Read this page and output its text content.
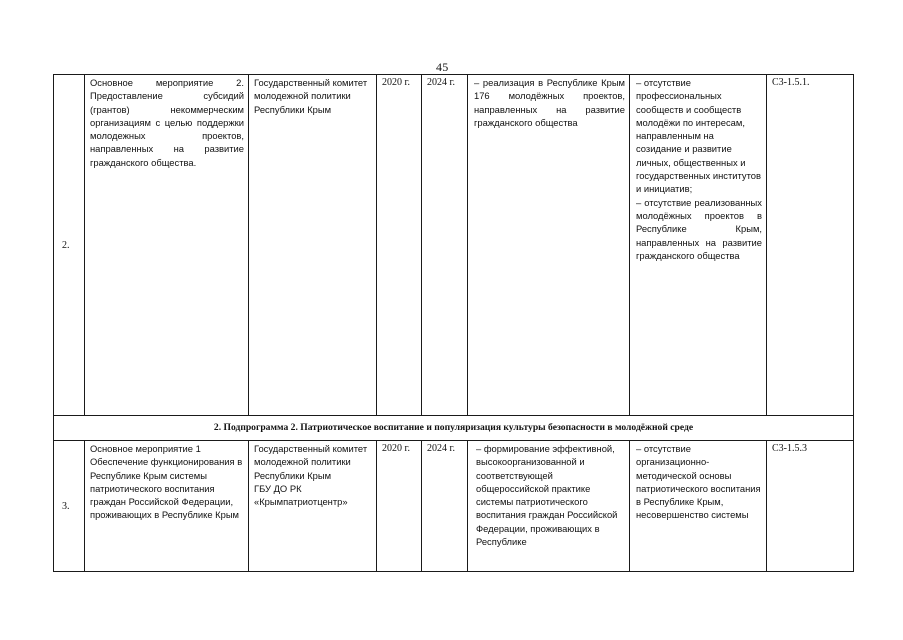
45
2.	Основное мероприятие 2. Предоставление субсидий (грантов) некоммерческим организациям с целью поддержки молодежных проектов, направленных на развитие гражданского общества.	Государственный комитет молодежной политики Республики Крым	2020 г.	2024 г.	– реализация в Республике Крым 176 молодёжных проектов, направленных на развитие гражданского общества	– отсутствие профессиональных сообществ и сообществ молодёжи по интересам, направленным на созидание и развитие личных, общественных и государственных институтов и инициатив;
– отсутствие реализованных молодёжных проектов в Республике Крым, направленных на развитие гражданского общества	С3-1.5.1.
2. Подпрограмма 2. Патриотическое воспитание и популяризация культуры безопасности в молодёжной среде							
3.	Основное мероприятие 1 Обеспечение функционирования в Республике Крым системы патриотического воспитания граждан Российской Федерации, проживающих в Республике Крым	Государственный комитет молодежной политики Республики Крым
ГБУ ДО РК «Крымпатриотцентр»	2020 г.	2024 г.	– формирование эффективной, высокоорганизованной и соответствующей общероссийской практике системы патриотического воспитания граждан Российской Федерации, проживающих в Республике	– отсутствие организационно-методической основы патриотического воспитания в Республике Крым, несовершенство системы	С3-1.5.3
